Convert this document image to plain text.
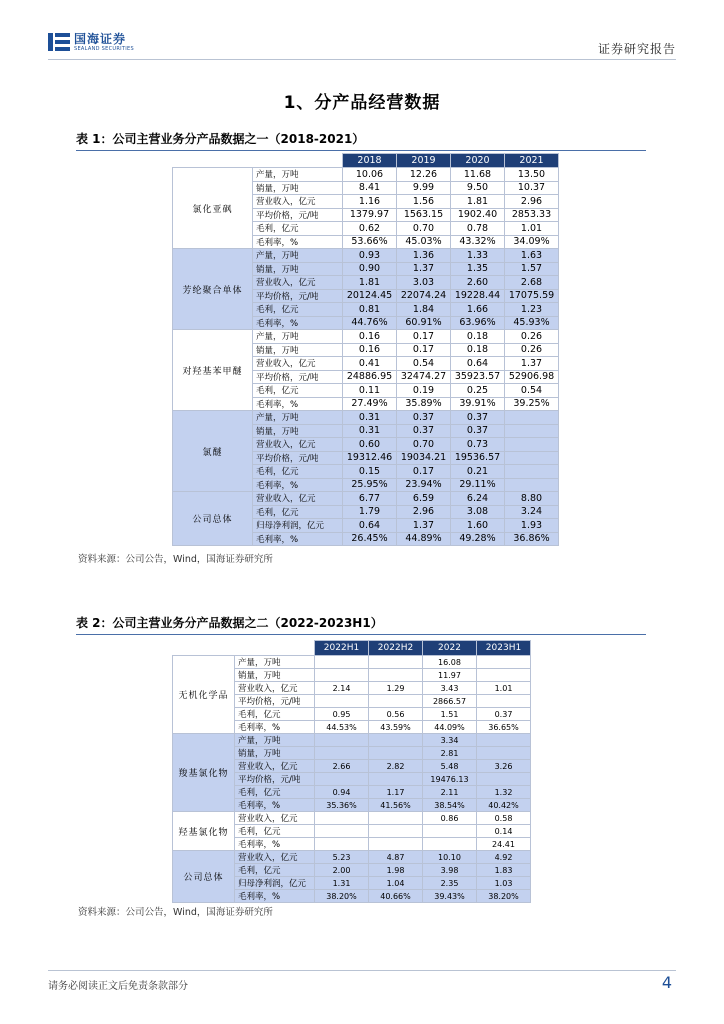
国海证券
SEALAND SECURITIES	证券研究报告
1、分产品经营数据
表 1：公司主营业务分产品数据之一（2018-2021）
		2018	2019	2020	2021
氯化亚砜	产量，万吨	10.06	12.26	11.68	13.50
	销量，万吨	8.41	9.99	9.50	10.37
	营业收入，亿元	1.16	1.56	1.81	2.96
	平均价格，元/吨	1379.97	1563.15	1902.40	2853.33
	毛利，亿元	0.62	0.70	0.78	1.01
	毛利率，%	53.66%	45.03%	43.32%	34.09%
芳纶聚合单体	产量，万吨	0.93	1.36	1.33	1.63
	销量，万吨	0.90	1.37	1.35	1.57
	营业收入，亿元	1.81	3.03	2.60	2.68
	平均价格，元/吨	20124.45	22074.24	19228.44	17075.59
	毛利，亿元	0.81	1.84	1.66	1.23
	毛利率，%	44.76%	60.91%	63.96%	45.93%
对羟基苯甲醚	产量，万吨	0.16	0.17	0.18	0.26
	销量，万吨	0.16	0.17	0.18	0.26
	营业收入，亿元	0.41	0.54	0.64	1.37
	平均价格，元/吨	24886.95	32474.27	35923.57	52906.98
	毛利，亿元	0.11	0.19	0.25	0.54
	毛利率，%	27.49%	35.89%	39.91%	39.25%
氯醚	产量，万吨	0.31	0.37	0.37	
	销量，万吨	0.31	0.37	0.37	
	营业收入，亿元	0.60	0.70	0.73	
	平均价格，元/吨	19312.46	19034.21	19536.57	
	毛利，亿元	0.15	0.17	0.21	
	毛利率，%	25.95%	23.94%	29.11%	
公司总体	营业收入，亿元	6.77	6.59	6.24	8.80
	毛利，亿元	1.79	2.96	3.08	3.24
	归母净利润，亿元	0.64	1.37	1.60	1.93
	毛利率，%	26.45%	44.89%	49.28%	36.86%
资料来源：公司公告，Wind，国海证券研究所
表 2：公司主营业务分产品数据之二（2022-2023H1）
		2022H1	2022H2	2022	2023H1
无机化学品	产量，万吨			16.08	
	销量，万吨			11.97	
	营业收入，亿元	2.14	1.29	3.43	1.01
	平均价格，元/吨			2866.57	
	毛利，亿元	0.95	0.56	1.51	0.37
	毛利率，%	44.53%	43.59%	44.09%	36.65%
羧基氯化物	产量，万吨			3.34	
	销量，万吨			2.81	
	营业收入，亿元	2.66	2.82	5.48	3.26
	平均价格，元/吨			19476.13	
	毛利，亿元	0.94	1.17	2.11	1.32
	毛利率，%	35.36%	41.56%	38.54%	40.42%
羟基氯化物	营业收入，亿元			0.86	0.58
	毛利，亿元				0.14
	毛利率，%				24.41
公司总体	营业收入，亿元	5.23	4.87	10.10	4.92
	毛利，亿元	2.00	1.98	3.98	1.83
	归母净利润，亿元	1.31	1.04	2.35	1.03
	毛利率，%	38.20%	40.66%	39.43%	38.20%
资料来源：公司公告，Wind，国海证券研究所
请务必阅读正文后免责条款部分	4
